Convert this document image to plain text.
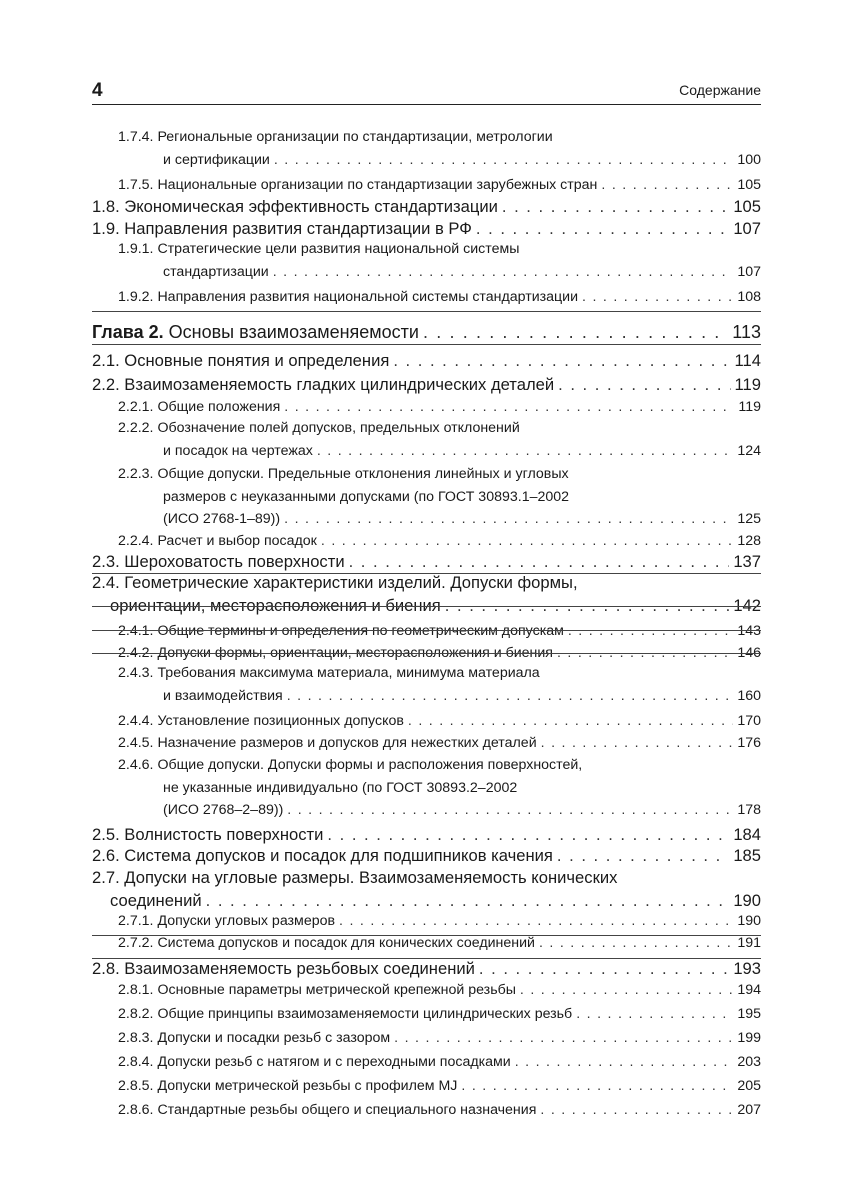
4	Содержание
1.7.4. Региональные организации по стандартизации, метрологии
и сертификации . . .	100
1.7.5. Национальные организации по стандартизации зарубежных стран . . .	105
1.8. Экономическая эффективность стандартизации . . .	105
1.9. Направления развития стандартизации в РФ . . .	107
1.9.1. Стратегические цели развития национальной системы
стандартизации . . .	107
1.9.2. Направления развития национальной системы стандартизации . . .	108
Глава 2.
Основы взаимозаменяемости . . .	113
2.1. Основные понятия и определения . . .	114
2.2. Взаимозаменяемость гладких цилиндрических деталей . . .	119
2.2.1. Общие положения . . .	119
2.2.2. Обозначение полей допусков, предельных отклонений
и посадок на чертежах . . .	124
2.2.3. Общие допуски. Предельные отклонения линейных и угловых
размеров с неуказанными допусками (по ГОСТ 30893.1–2002
(ИСО 2768-1–89)) . . .	125
2.2.4. Расчет и выбор посадок . . .	128
2.3. Шероховатость поверхности . . .	137
2.4. Геометрические характеристики изделий. Допуски формы,
ориентации, месторасположения и биения . . .	142
2.4.1. Общие термины и определения по геометрическим допускам . . .	143
2.4.2. Допуски формы, ориентации, месторасположения и биения . . .	146
2.4.3. Требования максимума материала, минимума материала
и взаимодействия . . .	160
2.4.4. Установление позиционных допусков . . .	170
2.4.5. Назначение размеров и допусков для нежестких деталей . . .	176
2.4.6. Общие допуски. Допуски формы и расположения поверхностей,
не указанные индивидуально (по ГОСТ 30893.2–2002
(ИСО 2768–2–89)) . . .	178
2.5. Волнистость поверхности . . .	184
2.6. Система допусков и посадок для подшипников качения . . .	185
2.7. Допуски на угловые размеры. Взаимозаменяемость конических
соединений . . .	190
2.7.1. Допуски угловых размеров . . .	190
2.7.2. Система допусков и посадок для конических соединений . . .	191
2.8. Взаимозаменяемость резьбовых соединений . . .	193
2.8.1. Основные параметры метрической крепежной резьбы . . .	194
2.8.2. Общие принципы взаимозаменяемости цилиндрических резьб . . .	195
2.8.3. Допуски и посадки резьб с зазором . . .	199
2.8.4. Допуски резьб с натягом и с переходными посадками . . .	203
2.8.5. Допуски метрической резьбы с профилем MJ . . .	205
2.8.6. Стандартные резьбы общего и специального назначения . . .	207
